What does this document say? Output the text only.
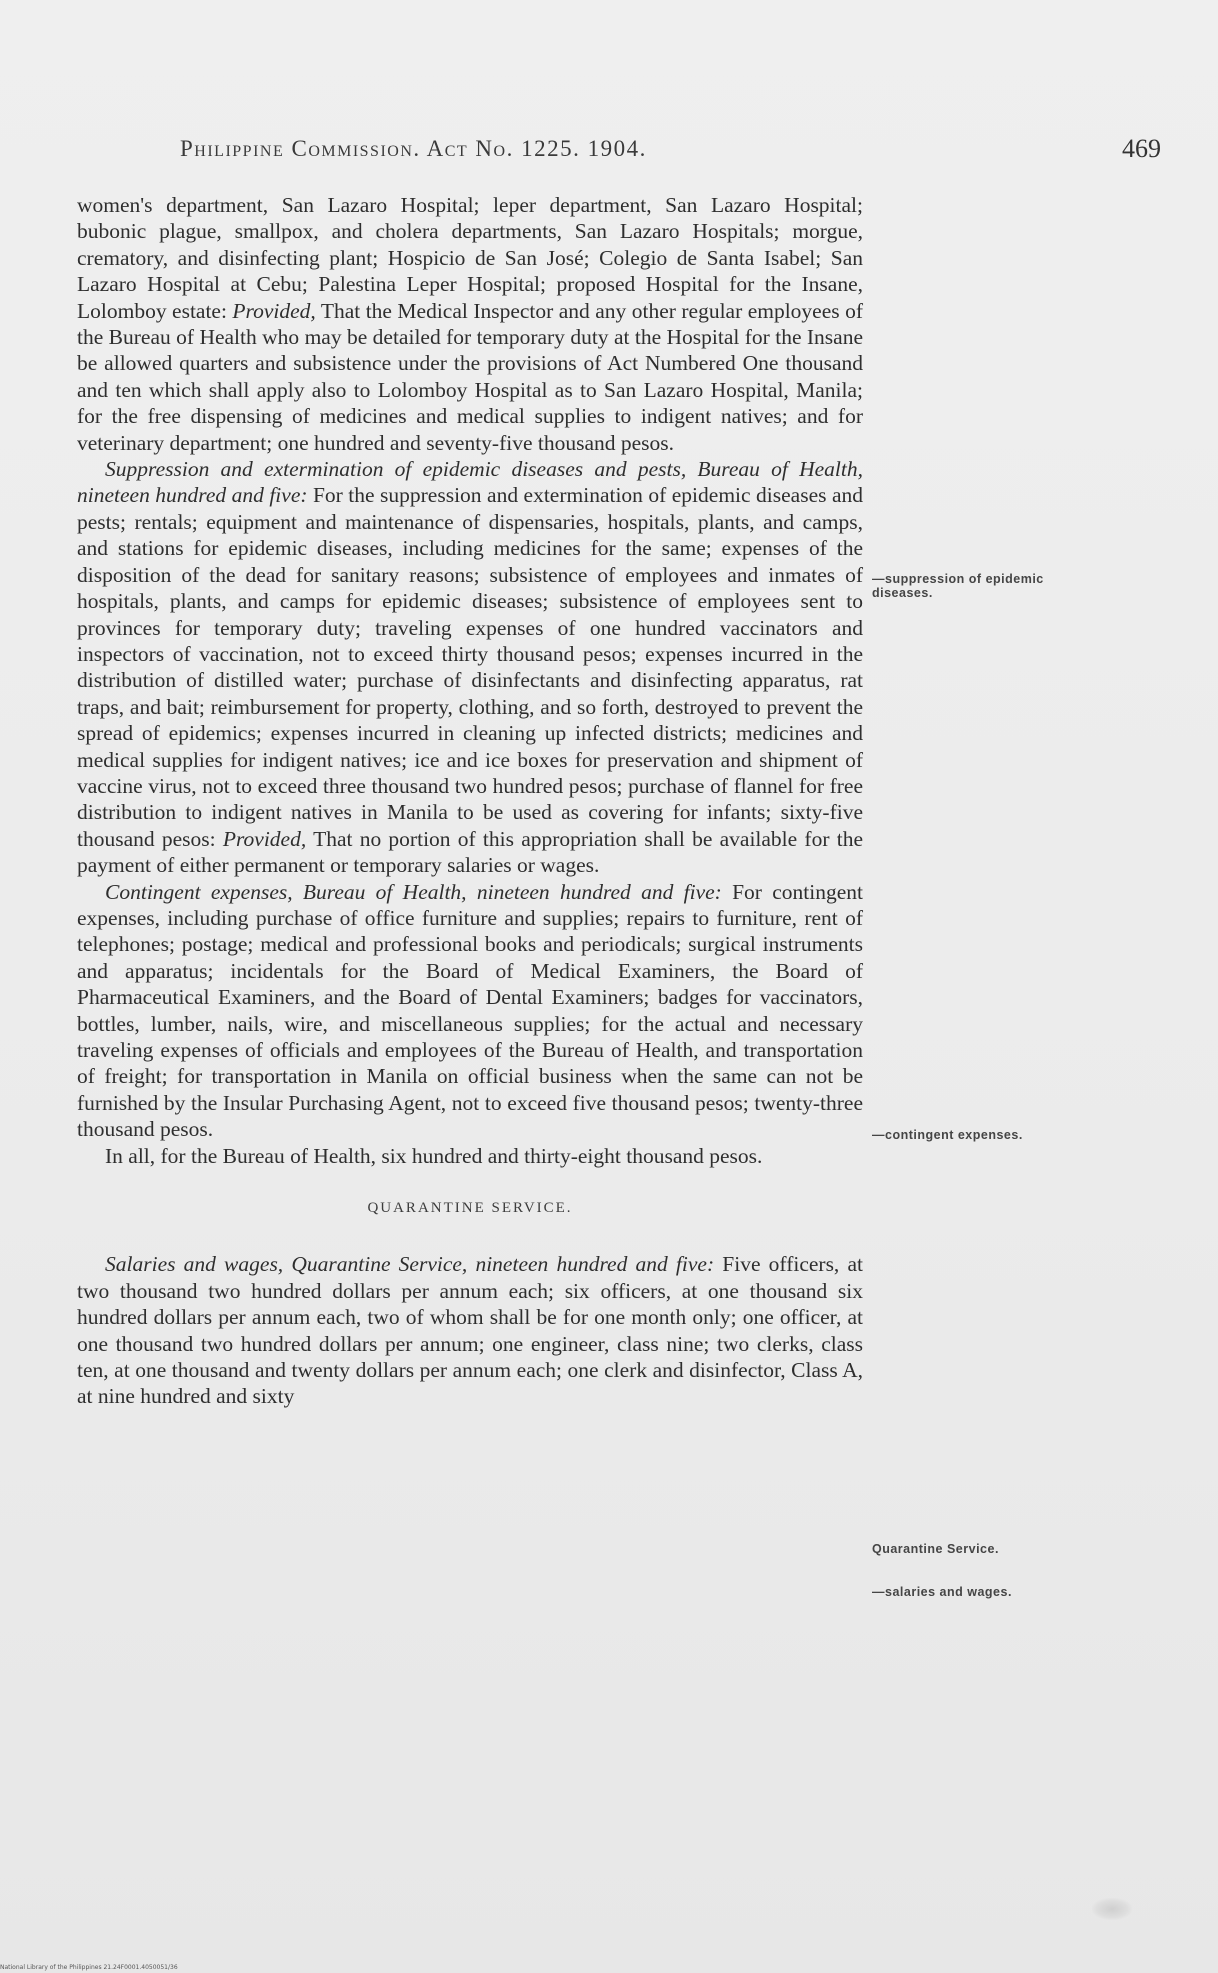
Philippine Commission. Act No. 1225. 1904.	469

women's department, San Lazaro Hospital; leper department, San Lazaro Hospital; bubonic plague, smallpox, and cholera departments, San Lazaro Hospitals; morgue, crematory, and disinfecting plant; Hospicio de San José; Colegio de Santa Isabel; San Lazaro Hospital at Cebu; Palestina Leper Hospital; proposed Hospital for the Insane, Lolomboy estate: Provided, That the Medical Inspector and any other regular employees of the Bureau of Health who may be detailed for temporary duty at the Hospital for the Insane be allowed quarters and subsistence under the provisions of Act Numbered One thousand and ten which shall apply also to Lolomboy Hospital as to San Lazaro Hospital, Manila; for the free dispensing of medicines and medical supplies to indigent natives; and for veterinary department; one hundred and seventy-five thousand pesos.

Suppression and extermination of epidemic diseases and pests, Bureau of Health, nineteen hundred and five: For the suppression and extermination of epidemic diseases and pests; rentals; equipment and maintenance of dispensaries, hospitals, plants, and camps, and stations for epidemic diseases, including medicines for the same; expenses of the disposition of the dead for sanitary reasons; subsistence of employees and inmates of hospitals, plants, and camps for epidemic diseases; subsistence of employees sent to provinces for temporary duty; traveling expenses of one hundred vaccinators and inspectors of vaccination, not to exceed thirty thousand pesos; expenses incurred in the distribution of distilled water; purchase of disinfectants and disinfecting apparatus, rat traps, and bait; reimbursement for property, clothing, and so forth, destroyed to prevent the spread of epidemics; expenses incurred in cleaning up infected districts; medicines and medical supplies for indigent natives; ice and ice boxes for preservation and shipment of vaccine virus, not to exceed three thousand two hundred pesos; purchase of flannel for free distribution to indigent natives in Manila to be used as covering for infants; sixty-five thousand pesos: Provided, That no portion of this appropriation shall be available for the payment of either permanent or temporary salaries or wages.

Contingent expenses, Bureau of Health, nineteen hundred and five: For contingent expenses, including purchase of office furniture and supplies; repairs to furniture, rent of telephones; postage; medical and professional books and periodicals; surgical instruments and apparatus; incidentals for the Board of Medical Examiners, the Board of Pharmaceutical Examiners, and the Board of Dental Examiners; badges for vaccinators, bottles, lumber, nails, wire, and miscellaneous supplies; for the actual and necessary traveling expenses of officials and employees of the Bureau of Health, and transportation of freight; for transportation in Manila on official business when the same can not be furnished by the Insular Purchasing Agent, not to exceed five thousand pesos; twenty-three thousand pesos.

In all, for the Bureau of Health, six hundred and thirty-eight thousand pesos.

QUARANTINE SERVICE.

Salaries and wages, Quarantine Service, nineteen hundred and five: Five officers, at two thousand two hundred dollars per annum each; six officers, at one thousand six hundred dollars per annum each, two of whom shall be for one month only; one officer, at one thousand two hundred dollars per annum; one engineer, class nine; two clerks, class ten, at one thousand and twenty dollars per annum each; one clerk and disinfector, Class A, at nine hundred and sixty

—suppression of epidemic diseases.
—contingent expenses.
Quarantine Service.
—salaries and wages.
National Library of the Philippines 21.24F0001.4050051/36
